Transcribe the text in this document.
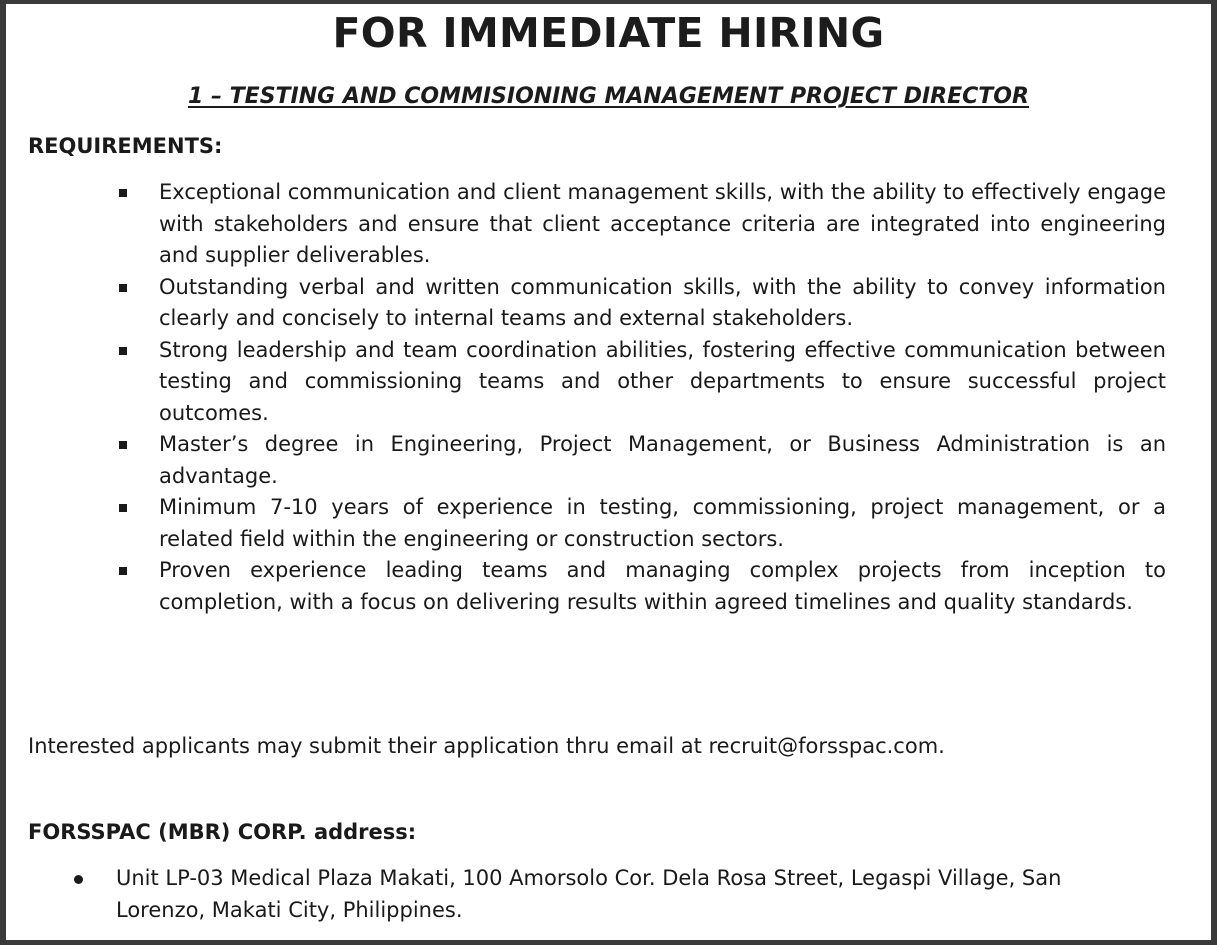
FOR IMMEDIATE HIRING
1 – TESTING AND COMMISIONING MANAGEMENT PROJECT DIRECTOR
REQUIREMENTS:
Exceptional communication and client management skills, with the ability to effectively engage with stakeholders and ensure that client acceptance criteria are integrated into engineering and supplier deliverables.
Outstanding verbal and written communication skills, with the ability to convey information clearly and concisely to internal teams and external stakeholders.
Strong leadership and team coordination abilities, fostering effective communication between testing and commissioning teams and other departments to ensure successful project outcomes.
Master’s degree in Engineering, Project Management, or Business Administration is an advantage.
Minimum 7-10 years of experience in testing, commissioning, project management, or a related field within the engineering or construction sectors.
Proven experience leading teams and managing complex projects from inception to completion, with a focus on delivering results within agreed timelines and quality standards.

Interested applicants may submit their application thru email at recruit@forsspac.com.

FORSSPAC (MBR) CORP. address:
Unit LP-03 Medical Plaza Makati, 100 Amorsolo Cor. Dela Rosa Street, Legaspi Village, San Lorenzo, Makati City, Philippines.
